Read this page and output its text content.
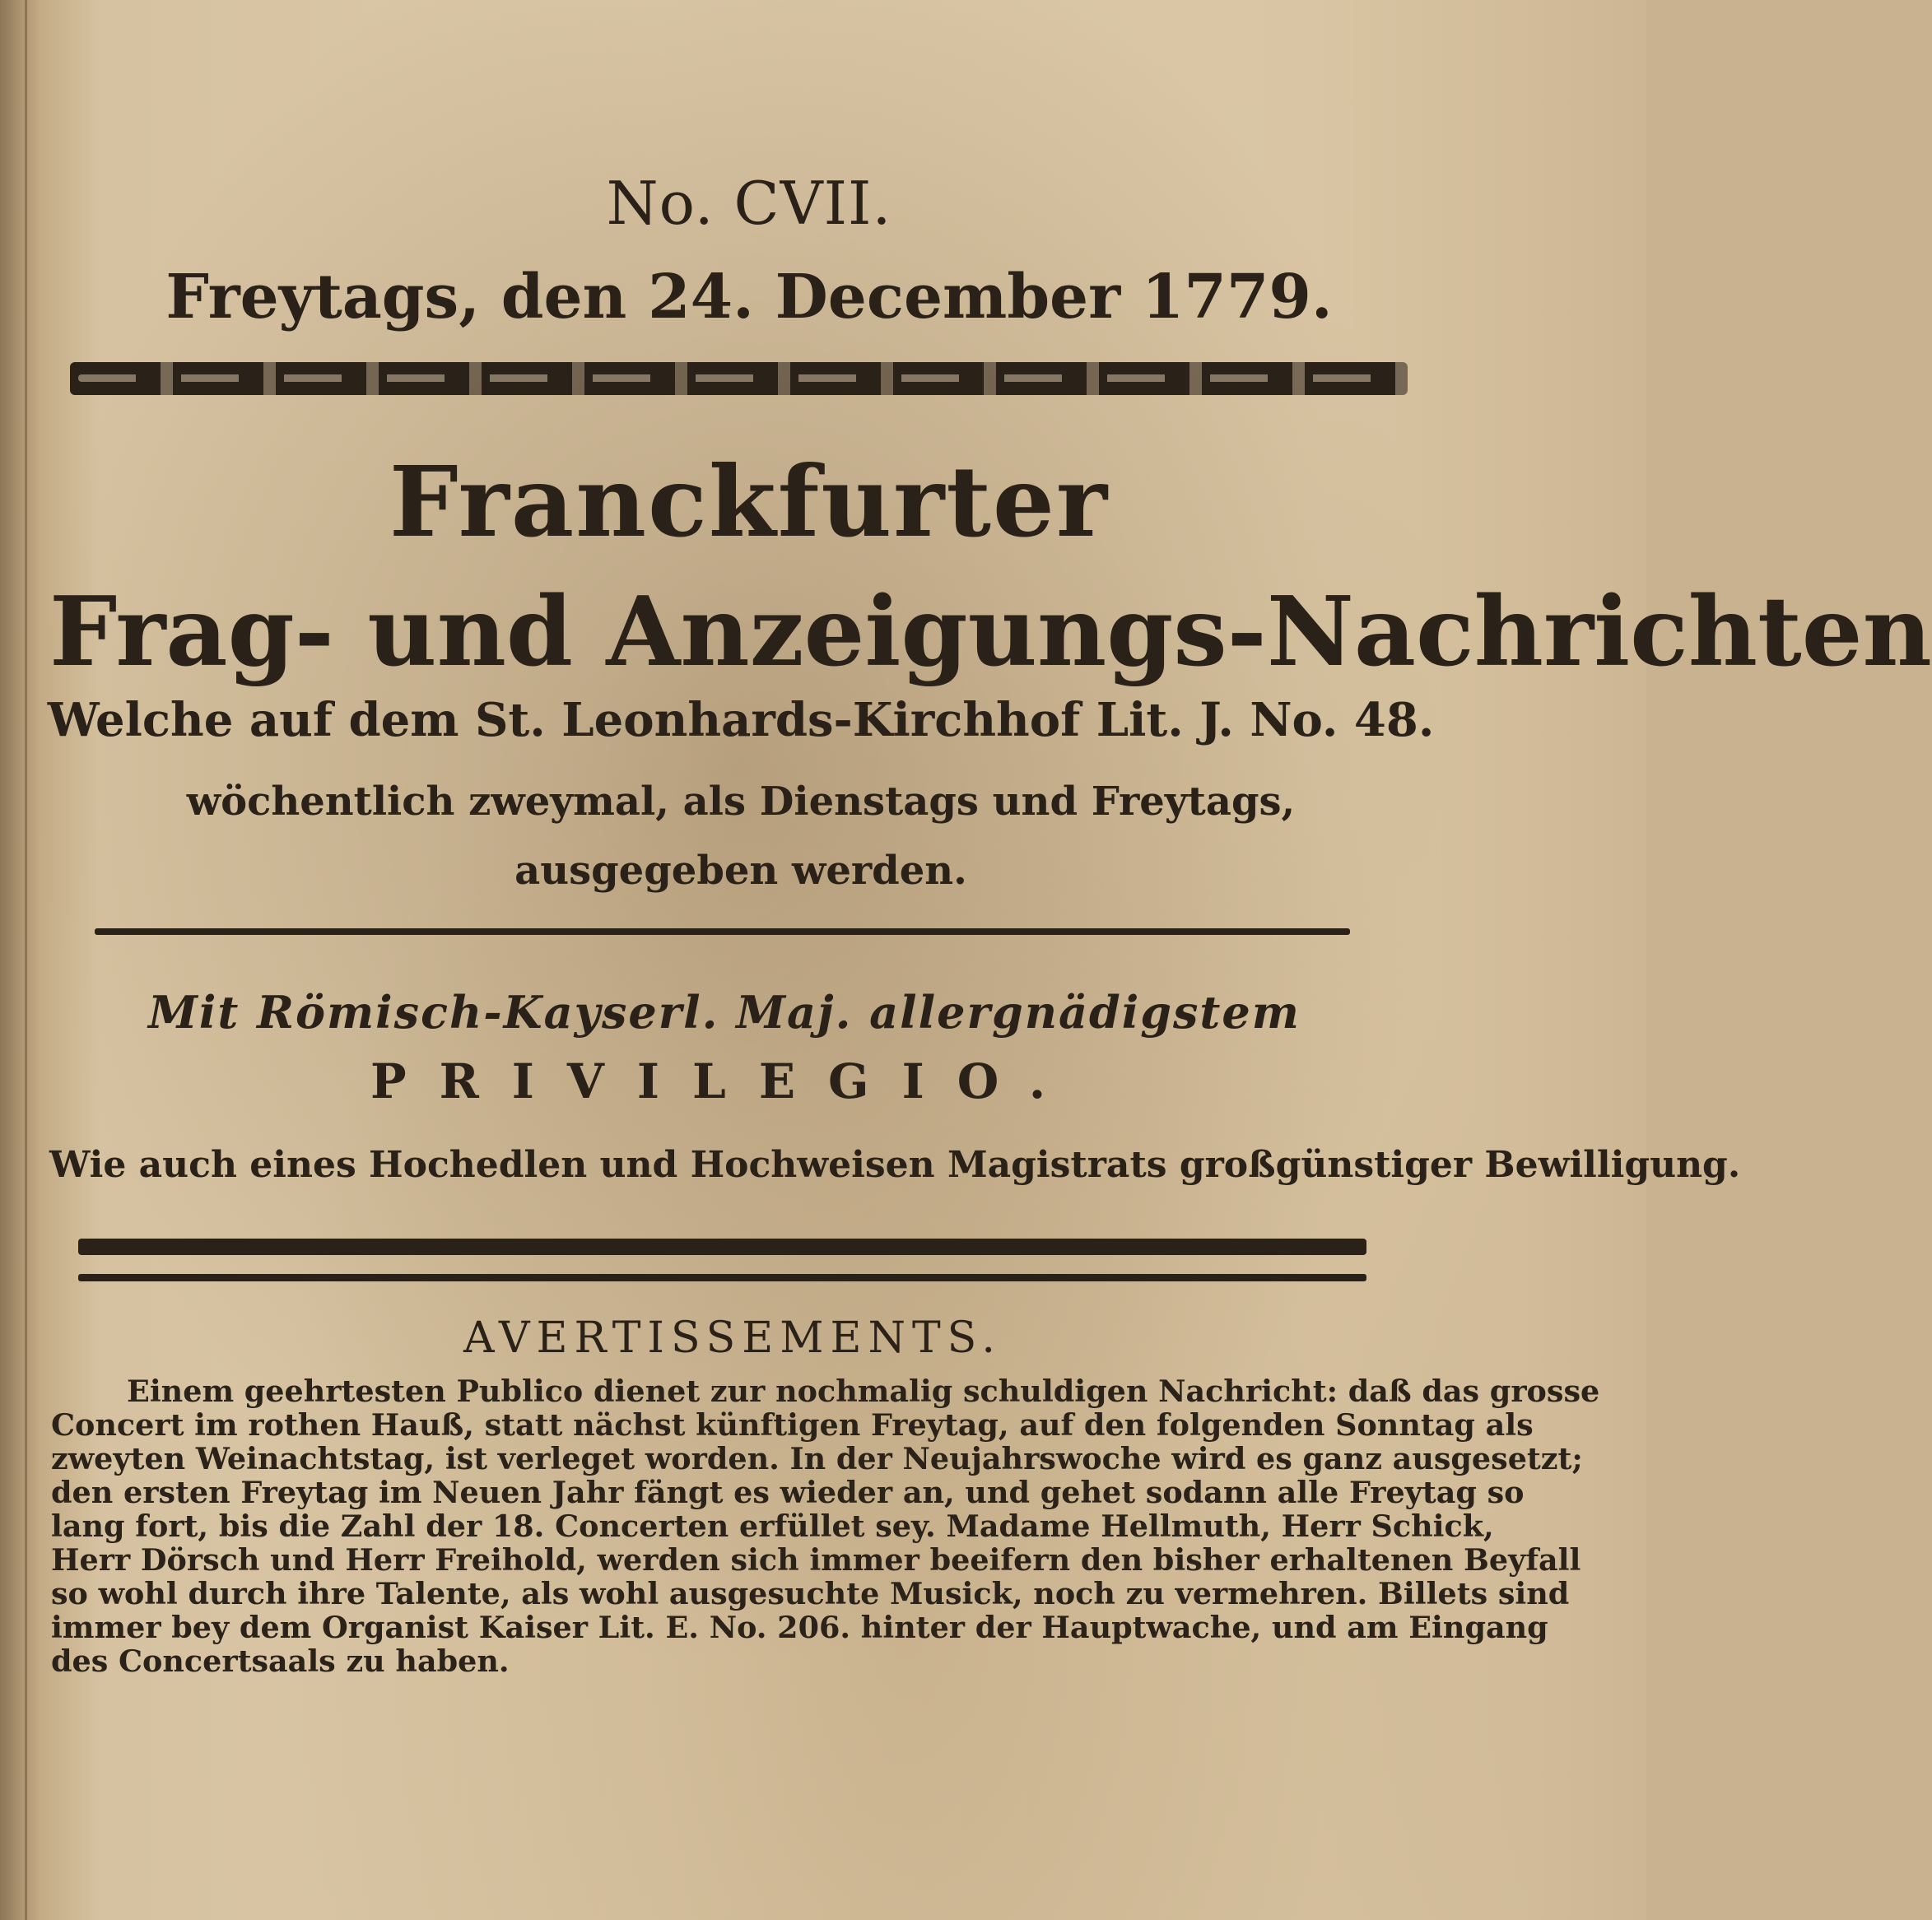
No. CVII.
Freytags, den 24. December 1779.
Franckfurter
Frag- und Anzeigungs-Nachrichten
Welche auf dem St. Leonhards-Kirchhof Lit. J. No. 48.
wöchentlich zweymal, als Dienstags und Freytags,
ausgegeben werden.
Mit Römisch-Kayserl. Maj. allergnädigstem
PRIVILEGIO.
Wie auch eines Hochedlen und Hochweisen Magistrats großgünstiger Bewilligung.
AVERTISSEMENTS.
Einem geehrtesten Publico dienet zur nochmalig schuldigen Nachricht: daß das grosse
Concert im rothen Hauß, statt nächst künftigen Freytag, auf den folgenden Sonntag als
zweyten Weinachtstag, ist verleget worden. In der Neujahrswoche wird es ganz ausgesetzt;
den ersten Freytag im Neuen Jahr fängt es wieder an, und gehet sodann alle Freytag so
lang fort, bis die Zahl der 18. Concerten erfüllet sey. Madame Hellmuth, Herr Schick,
Herr Dörsch und Herr Freihold, werden sich immer beeifern den bisher erhaltenen Beyfall
so wohl durch ihre Talente, als wohl ausgesuchte Musick, noch zu vermehren. Billets sind
immer bey dem Organist Kaiser Lit. E. No. 206. hinter der Hauptwache, und am Eingang
des Concertsaals zu haben.
